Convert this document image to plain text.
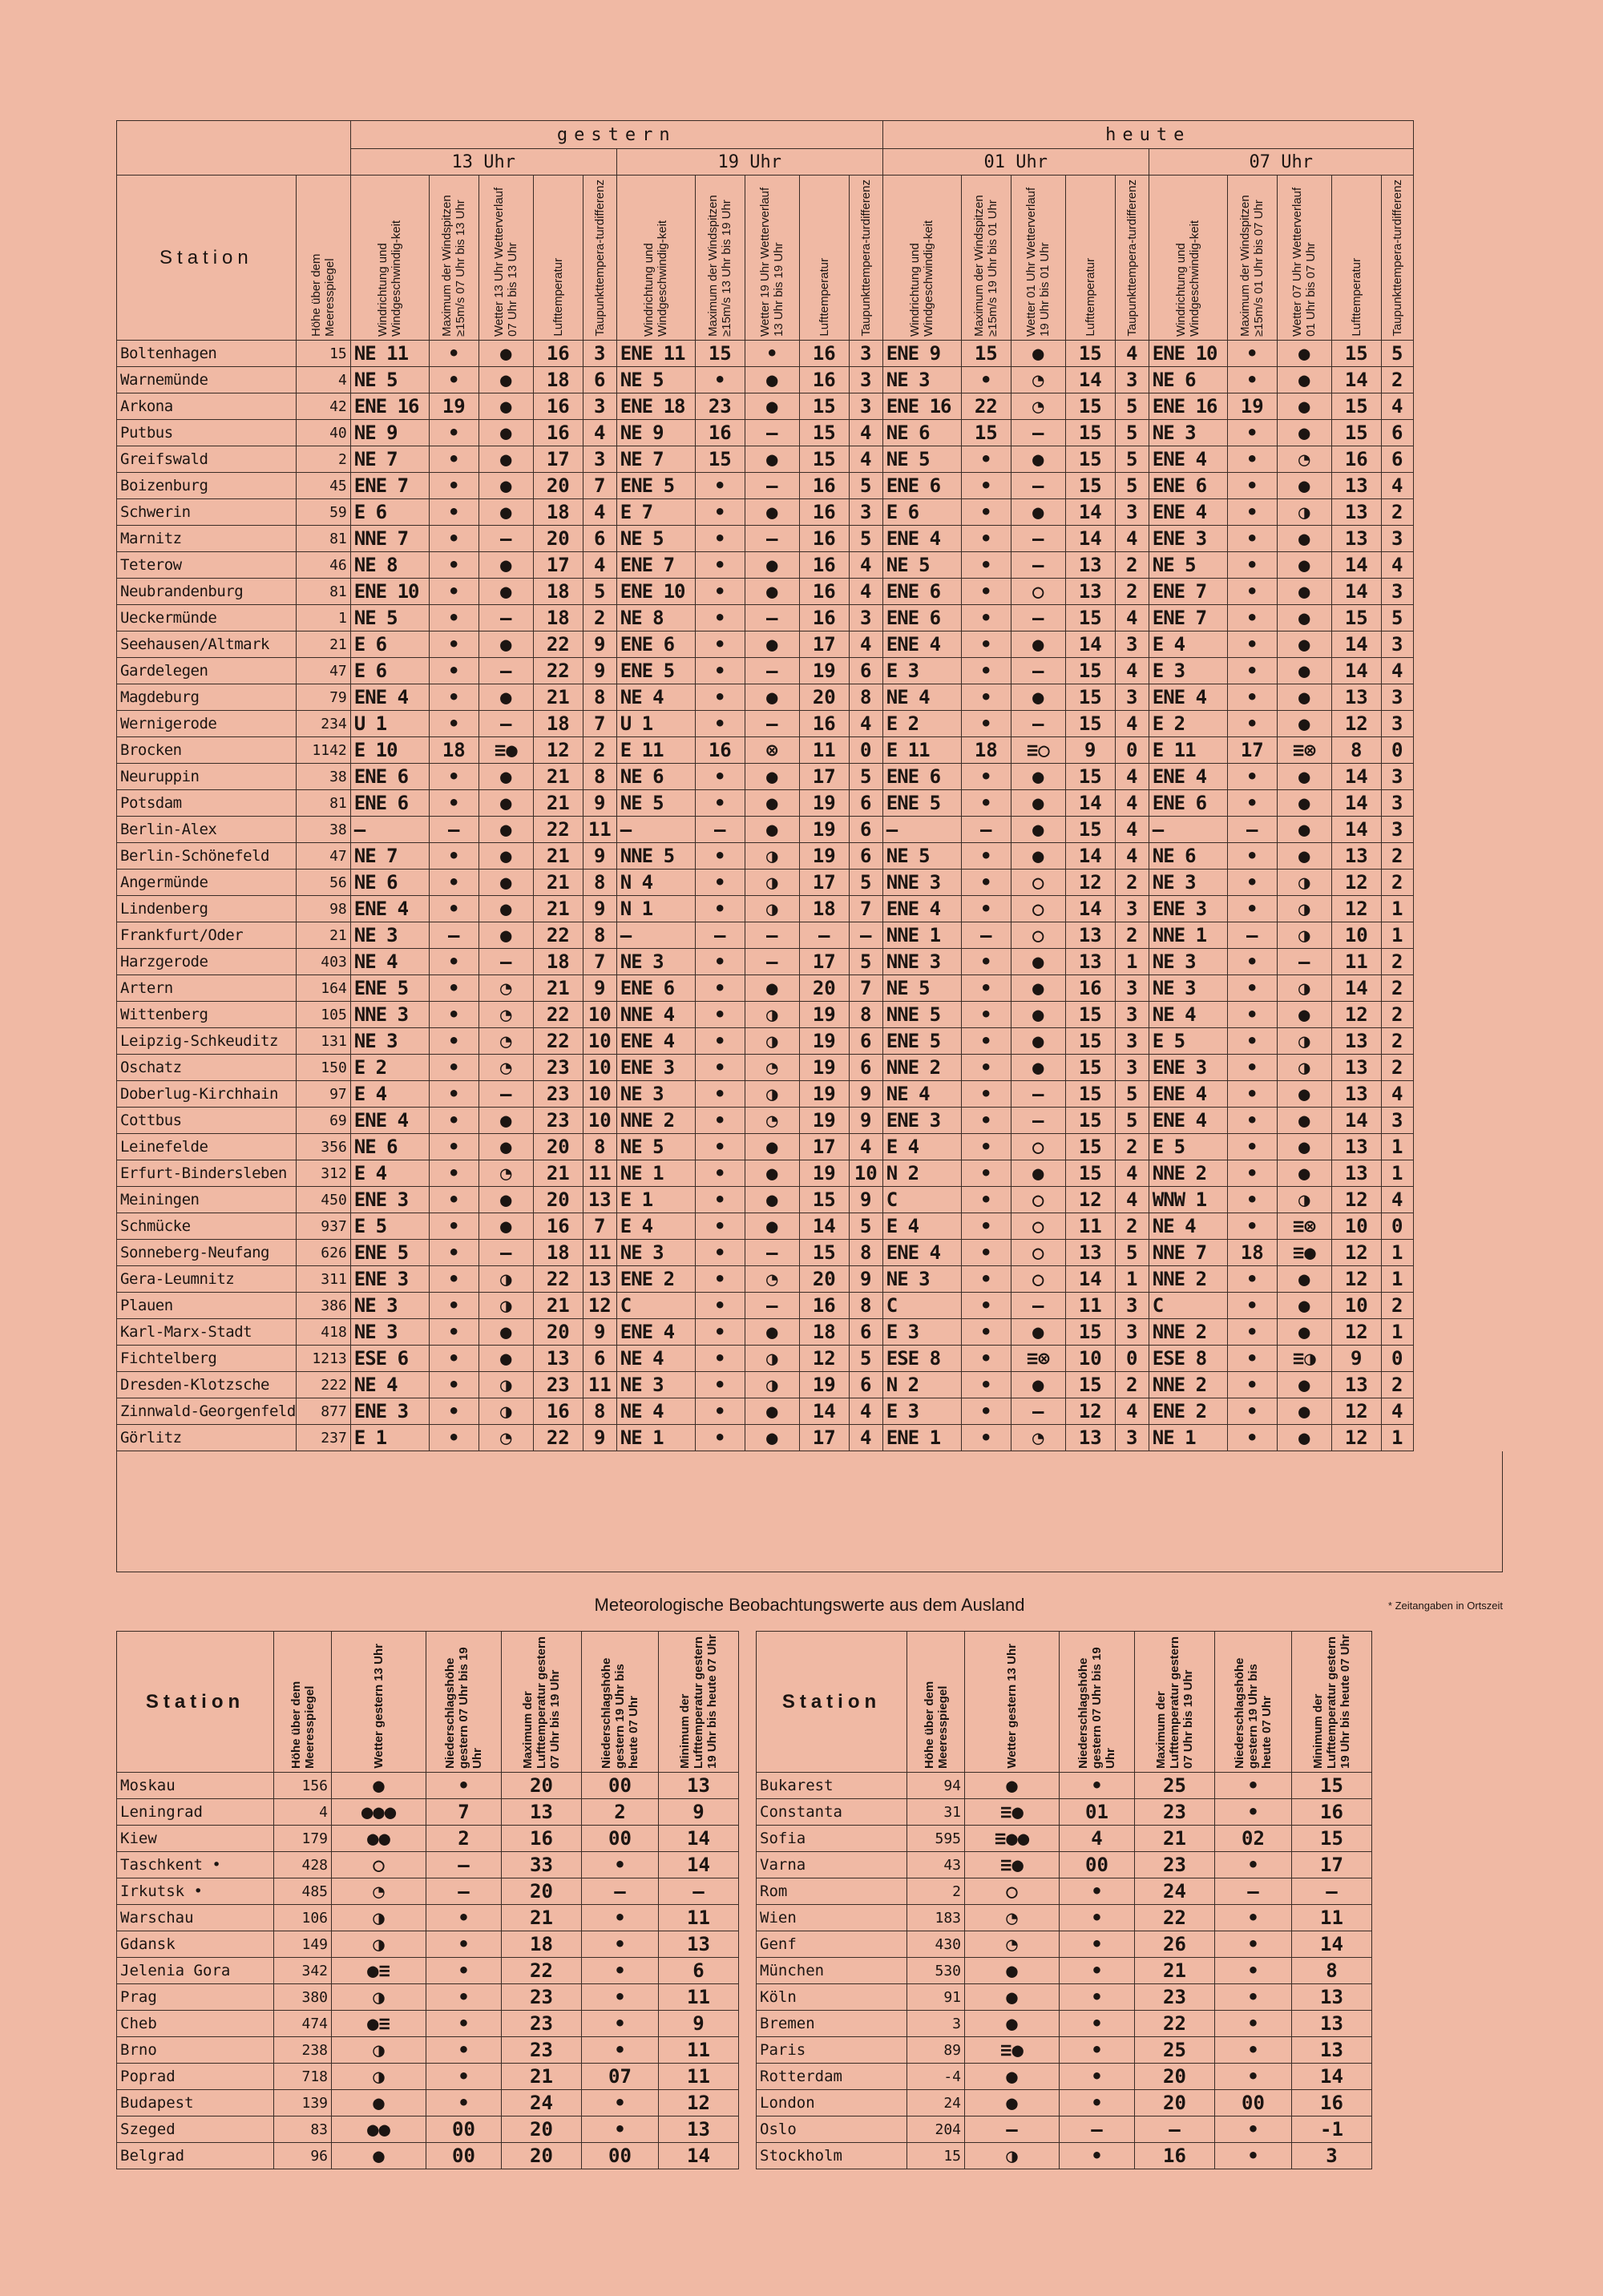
		gestern										heute									
		13 Uhr					19 Uhr					01 Uhr					07 Uhr				
Station	Höhe über dem Meeresspiegel	Windrichtung und Windgeschwindig-keit	Maximum der Windspitzen ≥15m/s 07 Uhr bis 13 Uhr	Wetter 13 Uhr Wetterverlauf 07 Uhr bis 13 Uhr	Lufttemperatur	Taupunkttempera-turdifferenz	Windrichtung und Windgeschwindig-keit	Maximum der Windspitzen ≥15m/s 13 Uhr bis 19 Uhr	Wetter 19 Uhr Wetterverlauf 13 Uhr bis 19 Uhr	Lufttemperatur	Taupunkttempera-turdifferenz	Windrichtung und Windgeschwindig-keit	Maximum der Windspitzen ≥15m/s 19 Uhr bis 01 Uhr	Wetter 01 Uhr Wetterverlauf 19 Uhr bis 01 Uhr	Lufttemperatur	Taupunkttempera-turdifferenz	Windrichtung und Windgeschwindig-keit	Maximum der Windspitzen ≥15m/s 01 Uhr bis 07 Uhr	Wetter 07 Uhr Wetterverlauf 01 Uhr bis 07 Uhr	Lufttemperatur	Taupunkttempera-turdifferenz

Boltenhagen	15	NE 11	•	●	16	3	ENE 11	15	•	16	3	ENE 9	15	●	15	4	ENE 10	•	●	15	5
Warnemünde	4	NE 5	•	●	18	6	NE 5	•	●	16	3	NE 3	•	◔	14	3	NE 6	•	●	14	2
Arkona	42	ENE 16	19	●	16	3	ENE 18	23	●	15	3	ENE 16	22	◔	15	5	ENE 16	19	●	15	4
Putbus	40	NE 9	•	●	16	4	NE 9	16	–	15	4	NE 6	15	–	15	5	NE 3	•	●	15	6
Greifswald	2	NE 7	•	●	17	3	NE 7	15	●	15	4	NE 5	•	●	15	5	ENE 4	•	◔	16	6
Boizenburg	45	ENE 7	•	●	20	7	ENE 5	•	–	16	5	ENE 6	•	–	15	5	ENE 6	•	●	13	4
Schwerin	59	E 6	•	●	18	4	E 7	•	●	16	3	E 6	•	●	14	3	ENE 4	•	◑	13	2
Marnitz	81	NNE 7	•	–	20	6	NE 5	•	–	16	5	ENE 4	•	–	14	4	ENE 3	•	●	13	3
Teterow	46	NE 8	•	●	17	4	ENE 7	•	●	16	4	NE 5	•	–	13	2	NE 5	•	●	14	4
Neubrandenburg	81	ENE 10	•	●	18	5	ENE 10	•	●	16	4	ENE 6	•	○	13	2	ENE 7	•	●	14	3
Ueckermünde	1	NE 5	•	–	18	2	NE 8	•	–	16	3	ENE 6	•	–	15	4	ENE 7	•	●	15	5
Seehausen/Altmark	21	E 6	•	●	22	9	ENE 6	•	●	17	4	ENE 4	•	●	14	3	E 4	•	●	14	3
Gardelegen	47	E 6	•	–	22	9	ENE 5	•	–	19	6	E 3	•	–	15	4	E 3	•	●	14	4
Magdeburg	79	ENE 4	•	●	21	8	NE 4	•	●	20	8	NE 4	•	●	15	3	ENE 4	•	●	13	3
Wernigerode	234	U 1	•	–	18	7	U 1	•	–	16	4	E 2	•	–	15	4	E 2	•	●	12	3
Brocken	1142	E 10	18	≡●	12	2	E 11	16	⊗	11	0	E 11	18	≡○	9	0	E 11	17	≡⊗	8	0
Neuruppin	38	ENE 6	•	●	21	8	NE 6	•	●	17	5	ENE 6	•	●	15	4	ENE 4	•	●	14	3
Potsdam	81	ENE 6	•	●	21	9	NE 5	•	●	19	6	ENE 5	•	●	14	4	ENE 6	•	●	14	3
Berlin-Alex	38	–	–	●	22	11	–	–	●	19	6	–	–	●	15	4	–	–	●	14	3
Berlin-Schönefeld	47	NE 7	•	●	21	9	NNE 5	•	◑	19	6	NE 5	•	●	14	4	NE 6	•	●	13	2
Angermünde	56	NE 6	•	●	21	8	N 4	•	◑	17	5	NNE 3	•	○	12	2	NE 3	•	◑	12	2
Lindenberg	98	ENE 4	•	●	21	9	N 1	•	◑	18	7	ENE 4	•	○	14	3	ENE 3	•	◑	12	1
Frankfurt/Oder	21	NE 3	–	●	22	8	–	–	–	–	–	NNE 1	–	○	13	2	NNE 1	–	◑	10	1
Harzgerode	403	NE 4	•	–	18	7	NE 3	•	–	17	5	NNE 3	•	●	13	1	NE 3	•	–	11	2
Artern	164	ENE 5	•	◔	21	9	ENE 6	•	●	20	7	NE 5	•	●	16	3	NE 3	•	◑	14	2
Wittenberg	105	NNE 3	•	◔	22	10	NNE 4	•	◑	19	8	NNE 5	•	●	15	3	NE 4	•	●	12	2
Leipzig-Schkeuditz	131	NE 3	•	◔	22	10	ENE 4	•	◑	19	6	ENE 5	•	●	15	3	E 5	•	◑	13	2
Oschatz	150	E 2	•	◔	23	10	ENE 3	•	◔	19	6	NNE 2	•	●	15	3	ENE 3	•	◑	13	2
Doberlug-Kirchhain	97	E 4	•	–	23	10	NE 3	•	◑	19	9	NE 4	•	–	15	5	ENE 4	•	●	13	4
Cottbus	69	ENE 4	•	●	23	10	NNE 2	•	◔	19	9	ENE 3	•	–	15	5	ENE 4	•	●	14	3
Leinefelde	356	NE 6	•	●	20	8	NE 5	•	●	17	4	E 4	•	○	15	2	E 5	•	●	13	1
Erfurt-Bindersleben	312	E 4	•	◔	21	11	NE 1	•	●	19	10	N 2	•	●	15	4	NNE 2	•	●	13	1
Meiningen	450	ENE 3	•	●	20	13	E 1	•	●	15	9	C	•	○	12	4	WNW 1	•	◑	12	4
Schmücke	937	E 5	•	●	16	7	E 4	•	●	14	5	E 4	•	○	11	2	NE 4	•	≡⊗	10	0
Sonneberg-Neufang	626	ENE 5	•	–	18	11	NE 3	•	–	15	8	ENE 4	•	○	13	5	NNE 7	18	≡●	12	1
Gera-Leumnitz	311	ENE 3	•	◑	22	13	ENE 2	•	◔	20	9	NE 3	•	○	14	1	NNE 2	•	●	12	1
Plauen	386	NE 3	•	◑	21	12	C	•	–	16	8	C	•	–	11	3	C	•	●	10	2
Karl-Marx-Stadt	418	NE 3	•	●	20	9	ENE 4	•	●	18	6	E 3	•	●	15	3	NNE 2	•	●	12	1
Fichtelberg	1213	ESE 6	•	●	13	6	NE 4	•	◑	12	5	ESE 8	•	≡⊗	10	0	ESE 8	•	≡◑	9	0
Dresden-Klotzsche	222	NE 4	•	◑	23	11	NE 3	•	◑	19	6	N 2	•	●	15	2	NNE 2	•	●	13	2
Zinnwald-Georgenfeld	877	ENE 3	•	◑	16	8	NE 4	•	●	14	4	E 3	•	–	12	4	ENE 2	•	●	12	4
Görlitz	237	E 1	•	◔	22	9	NE 1	•	●	17	4	ENE 1	•	◔	13	3	NE 1	•	●	12	1
Meteorologische Beobachtungswerte aus dem Ausland	* Zeitangaben in Ortszeit
Station	Höhe über dem Meeresspiegel	Wetter gestern 13 Uhr	Niederschlagshöhe gestern 07 Uhr bis 19 Uhr	Maximum der Lufttemperatur gestern 07 Uhr bis 19 Uhr	Niederschlagshöhe gestern 19 Uhr bis heute 07 Uhr	Minimum der Lufttemperatur gestern 19 Uhr bis heute 07 Uhr		Station	Höhe über dem Meeresspiegel	Wetter gestern 13 Uhr	Niederschlagshöhe gestern 07 Uhr bis 19 Uhr	Maximum der Lufttemperatur gestern 07 Uhr bis 19 Uhr	Niederschlagshöhe gestern 19 Uhr bis heute 07 Uhr	Minimum der Lufttemperatur gestern 19 Uhr bis heute 07 Uhr

Moskau	156	●	•	20	00	13		Bukarest	94	●	•	25	•	15
Leningrad	4	●●●	7	13	2	9		Constanta	31	≡●	01	23	•	16
Kiew	179	●●	2	16	00	14		Sofia	595	≡●●	4	21	02	15
Taschkent •	428	○	–	33	•	14		Varna	43	≡●	00	23	•	17
Irkutsk •	485	◔	–	20	–	–		Rom	2	○	•	24	–	–
Warschau	106	◑	•	21	•	11		Wien	183	◔	•	22	•	11
Gdansk	149	◑	•	18	•	13		Genf	430	◔	•	26	•	14
Jelenia Gora	342	●≡	•	22	•	6		München	530	●	•	21	•	8
Prag	380	◑	•	23	•	11		Köln	91	●	•	23	•	13
Cheb	474	●≡	•	23	•	9		Bremen	3	●	•	22	•	13
Brno	238	◑	•	23	•	11		Paris	89	≡●	•	25	•	13
Poprad	718	◑	•	21	07	11		Rotterdam	-4	●	•	20	•	14
Budapest	139	●	•	24	•	12		London	24	●	•	20	00	16
Szeged	83	●●	00	20	•	13		Oslo	204	–	–	–	•	-1
Belgrad	96	●	00	20	00	14		Stockholm	15	◑	•	16	•	3
